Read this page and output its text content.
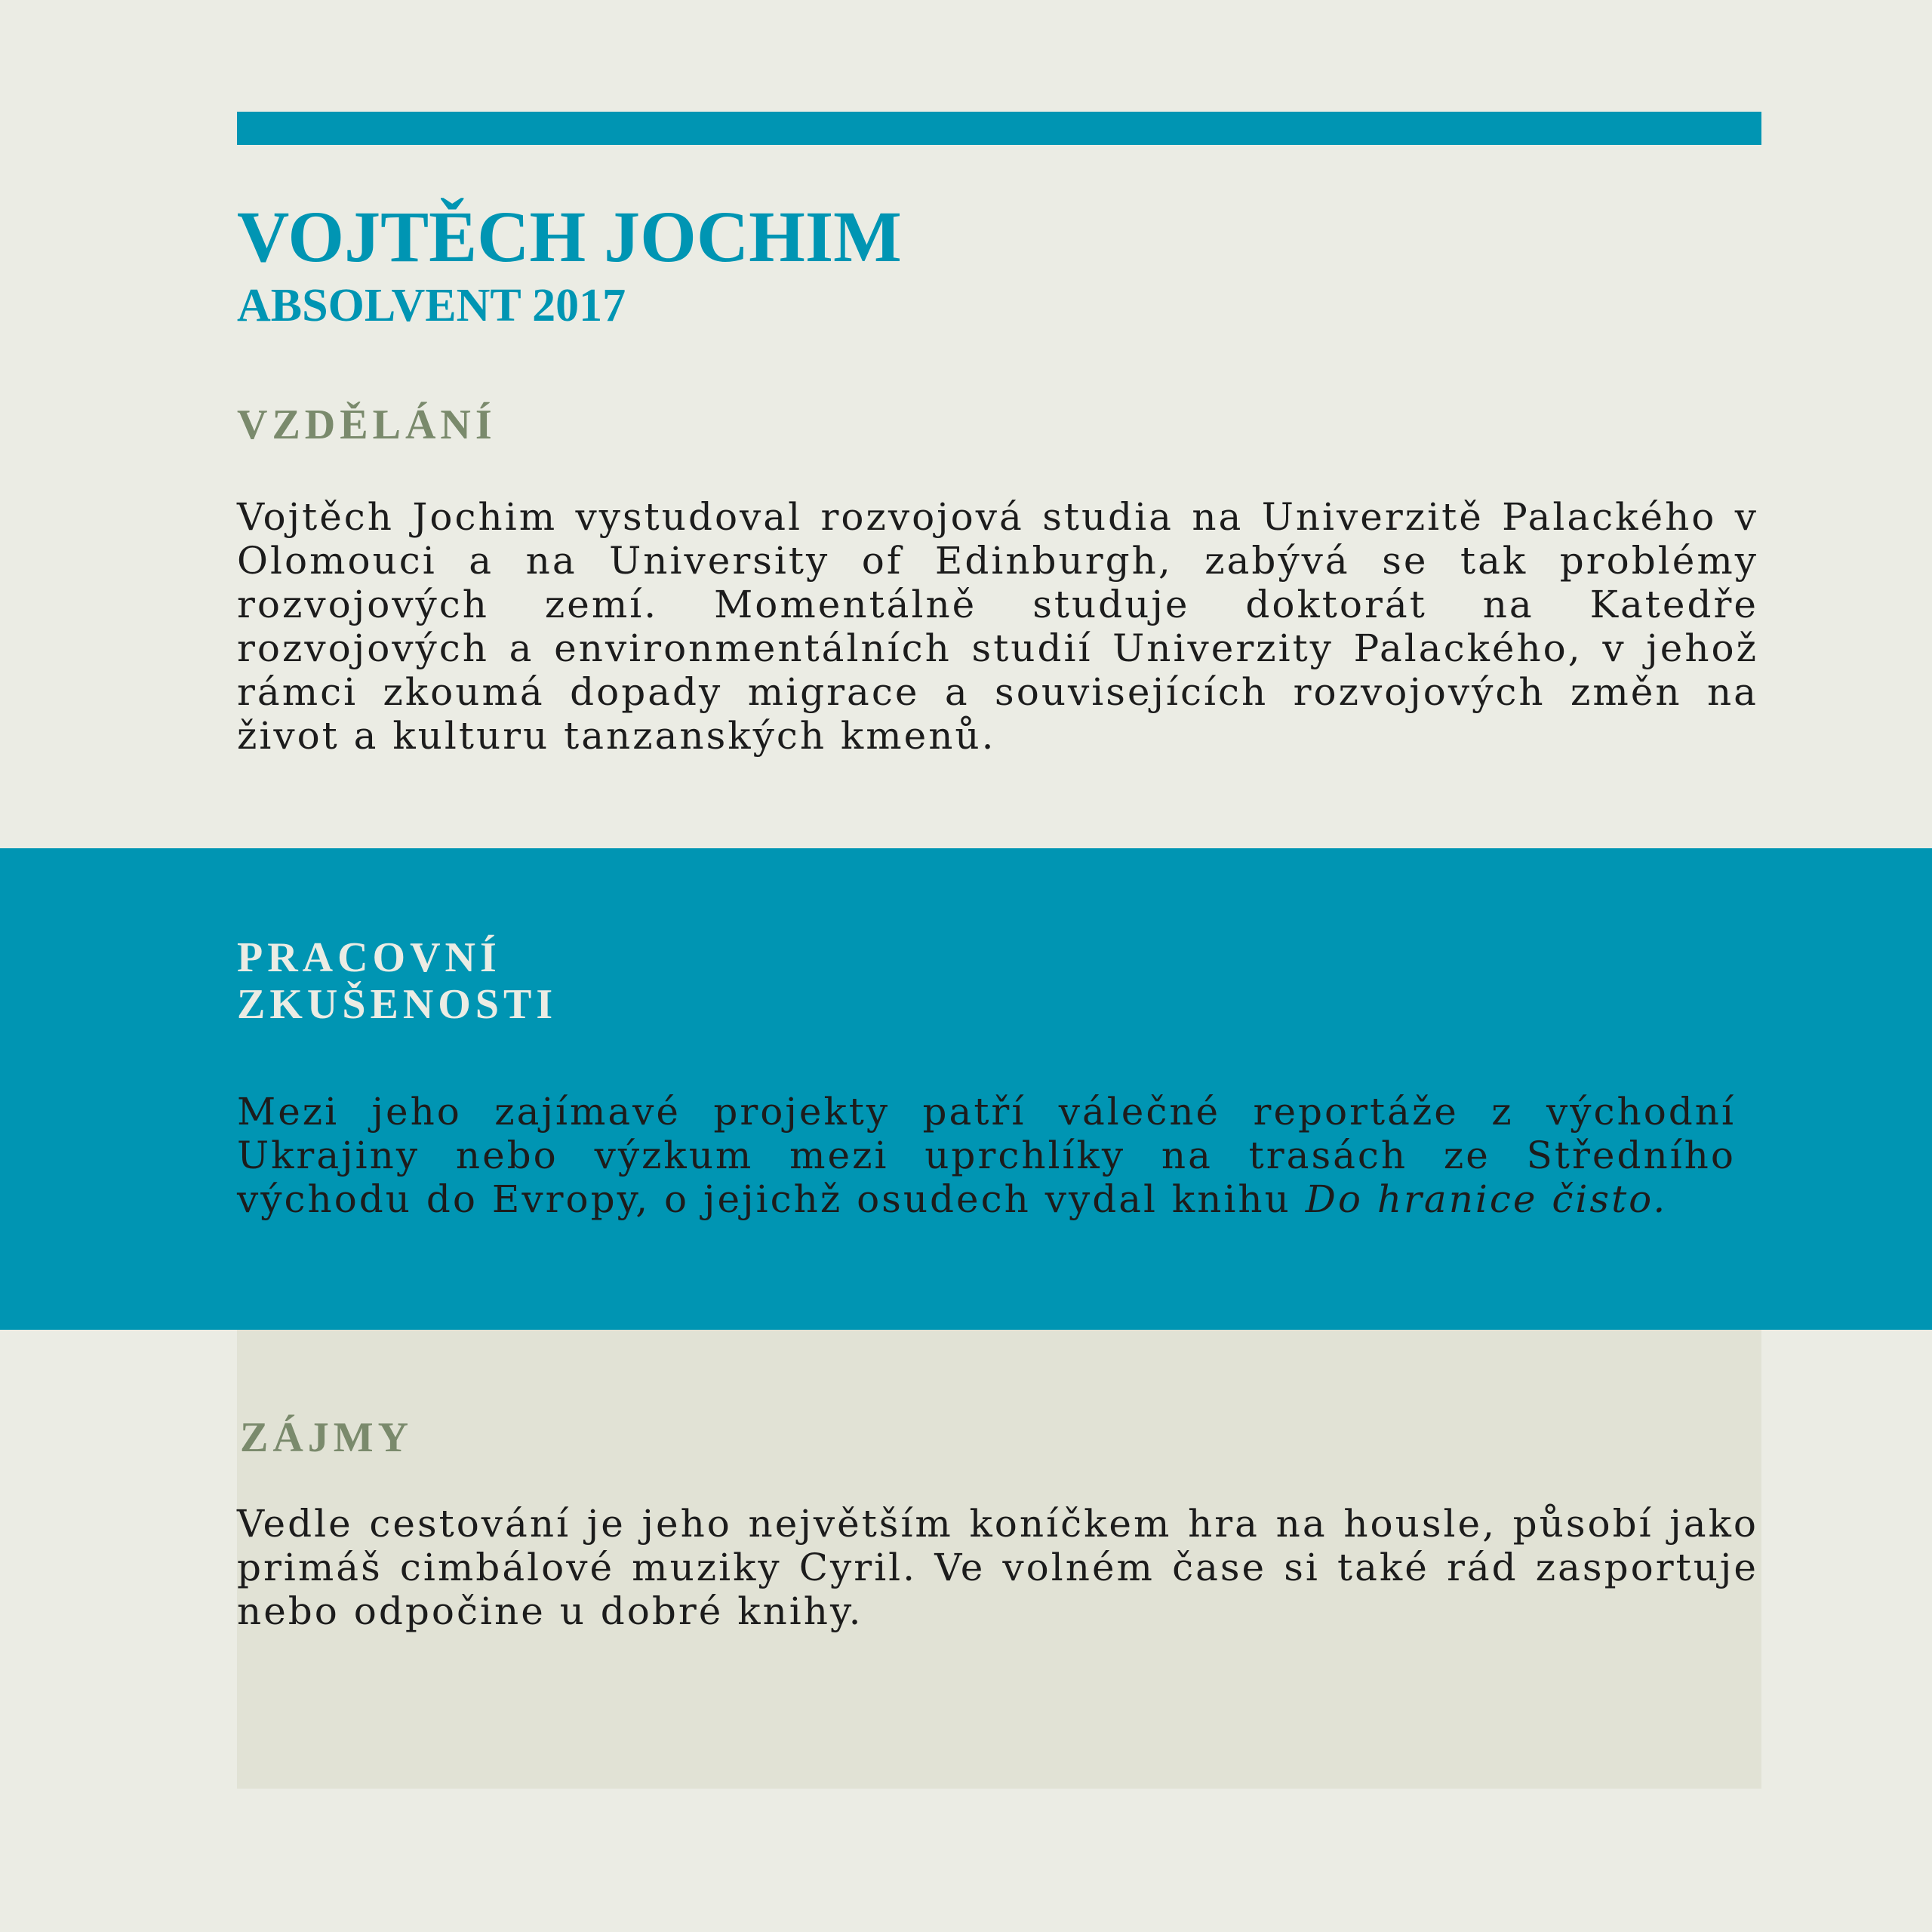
VOJTĚCH JOCHIM
ABSOLVENT 2017
VZDĚLÁNÍ

Vojtěch Jochim vystudoval rozvojová studia na Univerzitě Palackého v Olomouci a na University of Edinburgh, zabývá se tak problémy rozvojových zemí. Momentálně studuje doktorát na Katedře rozvojových a environmentálních studií Univerzity Palackého, v jehož rámci zkoumá dopady migrace a souvisejících rozvojových změn na život a kulturu tanzanských kmenů.

PRACOVNÍ
ZKUŠENOSTI

Mezi jeho zajímavé projekty patří válečné reportáže z východní Ukrajiny nebo výzkum mezi uprchlíky na trasách ze Středního východu do Evropy, o jejichž osudech vydal knihu Do hranice čisto.

ZÁJMY

Vedle cestování je jeho největším koníčkem hra na housle, působí jako primáš cimbálové muziky Cyril. Ve volném čase si také rád zasportuje nebo odpočine u dobré knihy.
